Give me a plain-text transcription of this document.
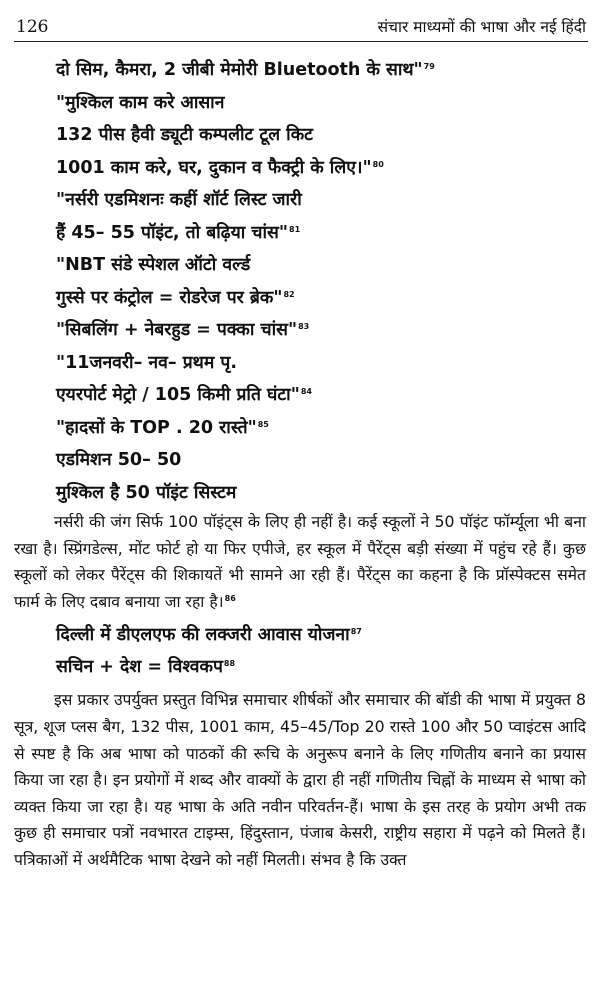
126	संचार माध्यमों की भाषा और नई हिंदी
दो सिम, कैमरा, 2 जीबी मेमोरी Bluetooth के साथ"$^{79}$
"मुश्किल काम करे आसान
132 पीस हैवी ड्यूटी कम्पलीट टूल किट
1001 काम करे, घर, दुकान व फैक्ट्री के लिए।"$^{80}$
"नर्सरी एडमिशनः कहीं शॉर्ट लिस्ट जारी
हैं 45– 55 पॉइंट, तो बढ़िया चांस"$^{81}$
"NBT संडे स्पेशल ऑटो वर्ल्ड
गुस्से पर कंट्रोल = रोडरेज पर ब्रेक"$^{82}$
"सिबलिंग + नेबरहुड = पक्का चांस"$^{83}$
"11जनवरी– नव– प्रथम पृ.
एयरपोर्ट मेट्रो / 105 किमी प्रति घंटा"$^{84}$
"हादसों के TOP . 20 रास्ते"$^{85}$
एडमिशन 50– 50
मुश्किल है 50 पॉइंट सिस्टम

नर्सरी की जंग सिर्फ 100 पॉइंट्स के लिए ही नहीं है। कई स्कूलों ने 50 पॉइंट फॉर्म्यूला भी बना रखा है। स्प्रिंगडेल्स, मोंट फोर्ट हो या फिर एपीजे, हर स्कूल में पैरेंट्स बड़ी संख्या में पहुंच रहे हैं। कुछ स्कूलों को लेकर पैरेंट्स की शिकायतें भी सामने आ रही हैं। पैरेंट्स का कहना है कि प्रॉस्पेक्टस समेत फार्म के लिए दबाव बनाया जा रहा है।$^{86}$

दिल्ली में डीएलएफ की लक्जरी आवास योजना$^{87}$
सचिन + देश = विश्वकप$^{88}$

इस प्रकार उपर्युक्त प्रस्तुत विभिन्न समाचार शीर्षकों और समाचार की बॉडी की भाषा में प्रयुक्त 8 सूत्र, शूज प्लस बैग, 132 पीस, 1001 काम, 45–45/Top 20 रास्ते 100 और 50 प्वाइंटस आदि से स्पष्ट है कि अब भाषा को पाठकों की रूचि के अनुरूप बनाने के लिए गणितीय बनाने का प्रयास किया जा रहा है। इन प्रयोगों में शब्द और वाक्यों के द्वारा ही नहीं गणितीय चिह्नों के माध्यम से भाषा को व्यक्त किया जा रहा है। यह भाषा के अति नवीन परिवर्तन-हैं। भाषा के इस तरह के प्रयोग अभी तक कुछ ही समाचार पत्रों नवभारत टाइम्स, हिंदुस्तान, पंजाब केसरी, राष्ट्रीय सहारा में पढ़ने को मिलते हैं। पत्रिकाओं में अर्थमैटिक भाषा देखने को नहीं मिलती। संभव है कि उक्त
